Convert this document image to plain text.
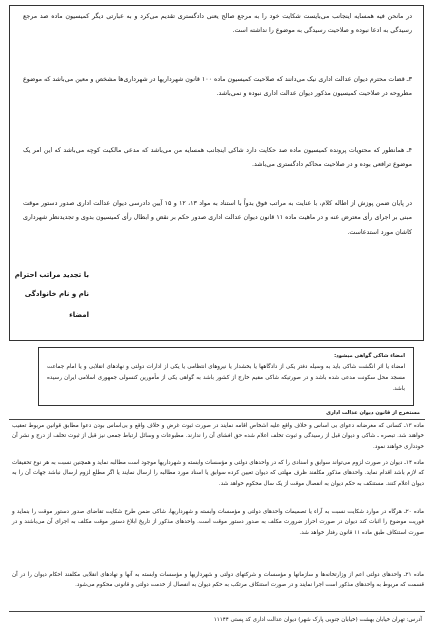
در مانحن فیه همسایه اینجانب می‌بایست شکایت خود را به مرجع صالح یعنی دادگستری تقدیم می‌کرد و به عبارتی دیگر کمیسیون ماده صد مرجع رسیدگی به ادعا نبوده و صلاحیت رسیدگی به موضوع را نداشته است.

۳ـ قضات محترم دیوان عدالت اداری نیک می‌دانند که صلاحیت کمیسیون ماده ۱۰۰ قانون شهرداریها در شهرداری‌ها مشخص و معین می‌باشد که موضوع مطروحه در صلاحیت کمیسیون مذکور دیوان عدالت اداری نبوده و نمی‌باشد.

۴ـ همانطور که محتویات پرونده کمیسیون ماده صد حکایت دارد شاکی اینجانب همسایه من می‌باشد که مدعی مالکیت کوچه می‌باشد که این امر یک موضوع ترافعی بوده و در صلاحیت محاکم دادگستری می‌باشد.

در پایان ضمن پوزش از اطاله کلام، با عنایت به مراتب فوق بدواً با استناد به مواد ۱۳، ۱۲ و ۱۵ آیین دادرسی دیوان عدالت اداری صدور دستور موقت مبنی بر اجرای رأی معترض عنه و در ماهیت ماده ۱۱ قانون دیوان عدالت اداری صدور حکم بر نقض و ابطال رأی کمیسیون بدوی و تجدیدنظر شهرداری کاشان مورد استدعاست.

با تجدید مراتب احترام

نام و نام خانوادگی

امضاء

امضاء شاکی گواهی میشود:

امضاء یا اثر انگشت شاکی باید به وسیله دفتر یکی از دادگاهها یا بخشدار یا نیروهای انتظامی یا یکی از ادارات دولتی و نهادهای انقلابی و یا امام جماعت مسجد محل سکونت مدعی شده باشد و در صورتیکه شاکی مقیم خارج از کشور باشد به گواهی یکی از مأمورین کنسولی جمهوری اسلامی ایران رسیده باشد.

مستخرج از قانون دیوان عدالت اداری

ماده ۱۳ـ کسانی که مغرضانه دعوای بی اساس و خلاف واقع علیه اشخاص اقامه نمایند در صورت ثبوت غرض و خلاف واقع و بی‌اساس بودن دعوا مطابق قوانین مربوط تعقیب خواهند شد. تبصره ـ شاکی و دیوان قبل از رسیدگی و ثبوت تخلف اعلام شده حق افشای آن را ندارند. مطبوعات و وسائل ارتباط جمعی نیز قبل از ثبوت تخلف از درج و نشر آن خودداری خواهند نمود.

ماده ۱۴ـ دیوان در صورت لزوم می‌تواند سوابق و اسنادی را که در واحدهای دولتی و مؤسسات وابسته و شهرداریها موجود است مطالبه نماید و همچنین نسبت به هر نوع تحقیقات که لازم باشد اقدام نماید. واحدهای مذکور مکلفند ظرف مهلتی که دیوان تعیین کرده سوابق یا اسناد مورد مطالبه را ارسال نمایند یا اگر مطلع لزوم ارسال نباشد جهات آن را به دیوان اعلام کنند. مستنکف به حکم دیوان به انفصال موقت از یک سال محکوم خواهد شد.

ماده ۲۰ـ هرگاه در موارد شکایت نسبت به آراء یا تصمیمات واحدهای دولتی و مؤسسات وابسته و شهرداریها، شاکی ضمن طرح شکایت تقاضای صدور دستور موقت را بنماید و فوریت موضوع را اثبات کند دیوان در صورت احراز ضرورت مکلف به صدور دستور موقت است. واحدهای مذکور از تاریخ ابلاغ دستور موقت مکلف به اجرای آن می‌باشند و در صورت استنکاف طبق ماده ۱۱ قانون رفتار خواهد شد.

ماده ۲۱ـ واحدهای دولتی اعم از وزارتخانه‌ها و سازمانها و مؤسسات و شرکتهای دولتی و شهرداریها و مؤسسات وابسته به آنها و نهادهای انقلابی مکلفند احکام دیوان را در آن قسمت که مربوط به واحدهای مذکور است اجرا نمایند و در صورت استنکاف مرتکب به حکم دیوان به انفصال از خدمت دولتی و قانونی محکوم می‌شود.

آدرس: تهران خیابان بهشت (خیابان جنوبی پارک شهر) دیوان عدالت اداری کد پستی ۱۱۱۴۴
